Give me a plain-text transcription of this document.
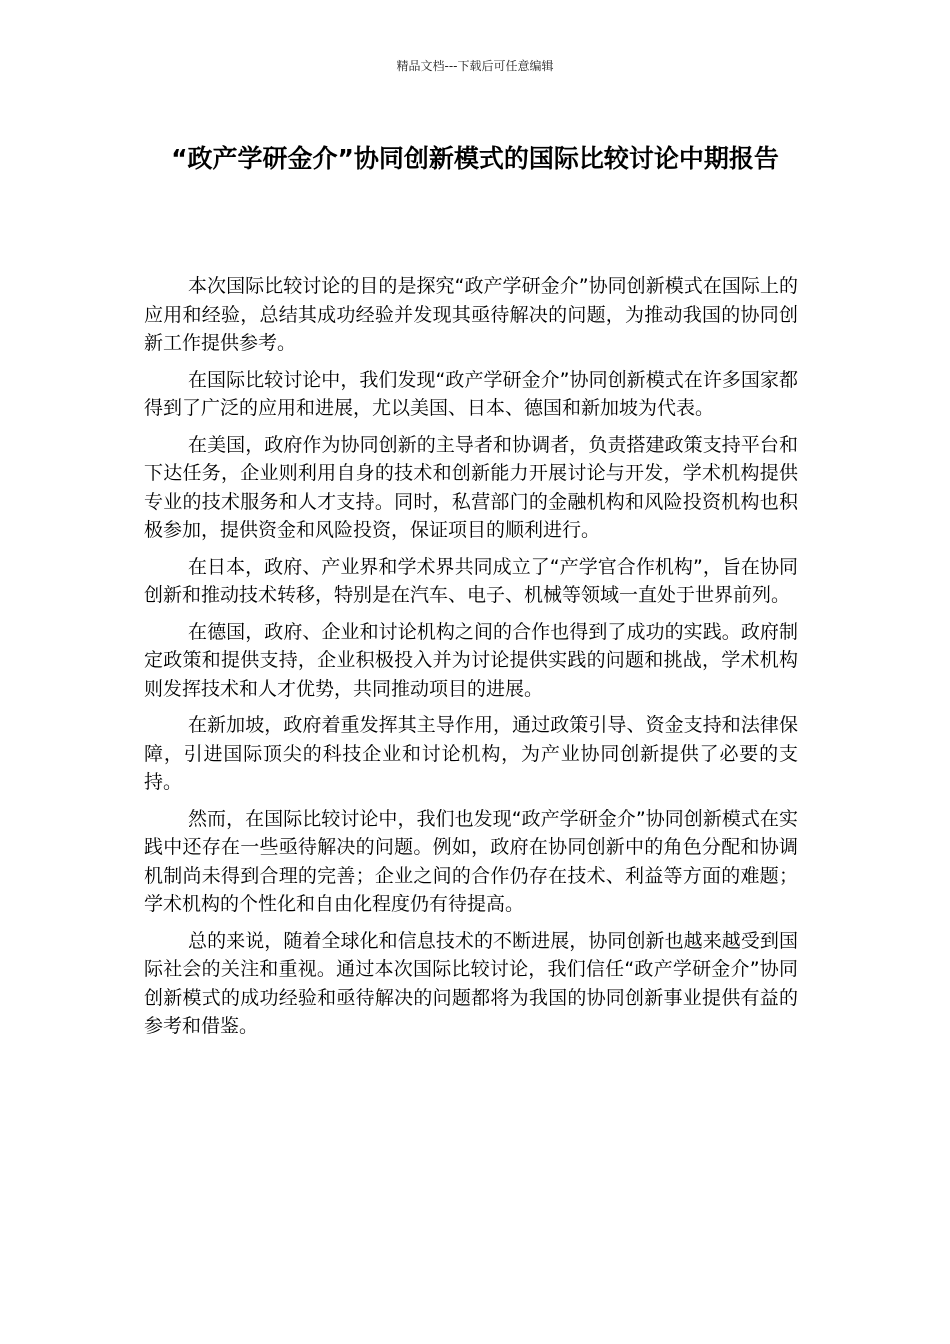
精品文档---下载后可任意编辑
“政产学研金介”协同创新模式的国际比较讨论中期报告

本次国际比较讨论的目的是探究“政产学研金介”协同创新模式在国际上的应用和经验，总结其成功经验并发现其亟待解决的问题，为推动我国的协同创新工作提供参考。

在国际比较讨论中，我们发现“政产学研金介”协同创新模式在许多国家都得到了广泛的应用和进展，尤以美国、日本、德国和新加坡为代表。

在美国，政府作为协同创新的主导者和协调者，负责搭建政策支持平台和下达任务，企业则利用自身的技术和创新能力开展讨论与开发，学术机构提供专业的技术服务和人才支持。同时，私营部门的金融机构和风险投资机构也积极参加，提供资金和风险投资，保证项目的顺利进行。

在日本，政府、产业界和学术界共同成立了“产学官合作机构”，旨在协同创新和推动技术转移，特别是在汽车、电子、机械等领域一直处于世界前列。

在德国，政府、企业和讨论机构之间的合作也得到了成功的实践。政府制定政策和提供支持，企业积极投入并为讨论提供实践的问题和挑战，学术机构则发挥技术和人才优势，共同推动项目的进展。

在新加坡，政府着重发挥其主导作用，通过政策引导、资金支持和法律保障，引进国际顶尖的科技企业和讨论机构，为产业协同创新提供了必要的支持。

然而，在国际比较讨论中，我们也发现“政产学研金介”协同创新模式在实践中还存在一些亟待解决的问题。例如，政府在协同创新中的角色分配和协调机制尚未得到合理的完善；企业之间的合作仍存在技术、利益等方面的难题；学术机构的个性化和自由化程度仍有待提高。

总的来说，随着全球化和信息技术的不断进展，协同创新也越来越受到国际社会的关注和重视。通过本次国际比较讨论，我们信任“政产学研金介”协同创新模式的成功经验和亟待解决的问题都将为我国的协同创新事业提供有益的参考和借鉴。
